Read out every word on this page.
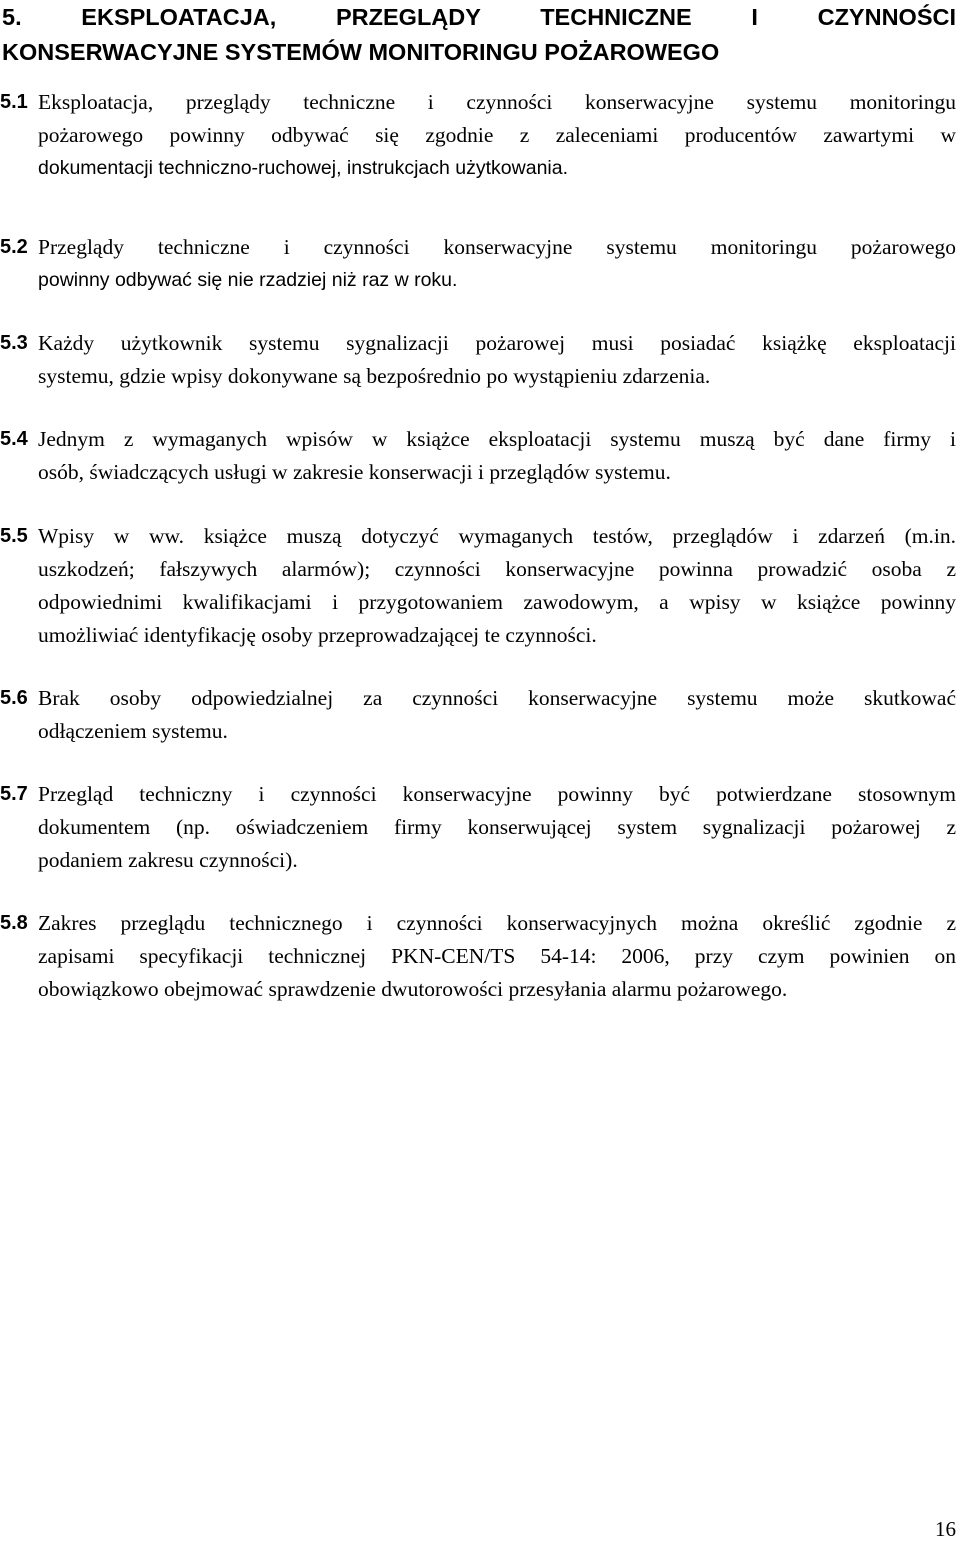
5. EKSPLOATACJA, PRZEGLĄDY TECHNICZNE I CZYNNOŚCI
KONSERWACYJNE SYSTEMÓW MONITORINGU POŻAROWEGO
5.1 Eksploatacja, przeglądy techniczne i czynności konserwacyjne systemu monitoringu
pożarowego powinny odbywać się zgodnie z zaleceniami producentów zawartymi w
dokumentacji techniczno-ruchowej, instrukcjach użytkowania.
5.2 Przeglądy techniczne i czynności konserwacyjne systemu monitoringu pożarowego
powinny odbywać się nie rzadziej niż raz w roku.
5.3 Każdy użytkownik systemu sygnalizacji pożarowej musi posiadać książkę eksploatacji
systemu, gdzie wpisy dokonywane są bezpośrednio po wystąpieniu zdarzenia.
5.4 Jednym z wymaganych wpisów w książce eksploatacji systemu muszą być dane firmy i
osób, świadczących usługi w zakresie konserwacji i przeglądów systemu.
5.5 Wpisy w ww. książce muszą dotyczyć wymaganych testów, przeglądów i zdarzeń (m.in.
uszkodzeń; fałszywych alarmów); czynności konserwacyjne powinna prowadzić osoba z
odpowiednimi kwalifikacjami i przygotowaniem zawodowym, a wpisy w książce powinny
umożliwiać identyfikację osoby przeprowadzającej te czynności.
5.6 Brak osoby odpowiedzialnej za czynności konserwacyjne systemu może skutkować
odłączeniem systemu.
5.7 Przegląd techniczny i czynności konserwacyjne powinny być potwierdzane stosownym
dokumentem (np. oświadczeniem firmy konserwującej system sygnalizacji pożarowej z
podaniem zakresu czynności).
5.8 Zakres przeglądu technicznego i czynności konserwacyjnych można określić zgodnie z
zapisami specyfikacji technicznej PKN-CEN/TS 54-14: 2006, przy czym powinien on
obowiązkowo obejmować sprawdzenie dwutorowości przesyłania alarmu pożarowego.
16
